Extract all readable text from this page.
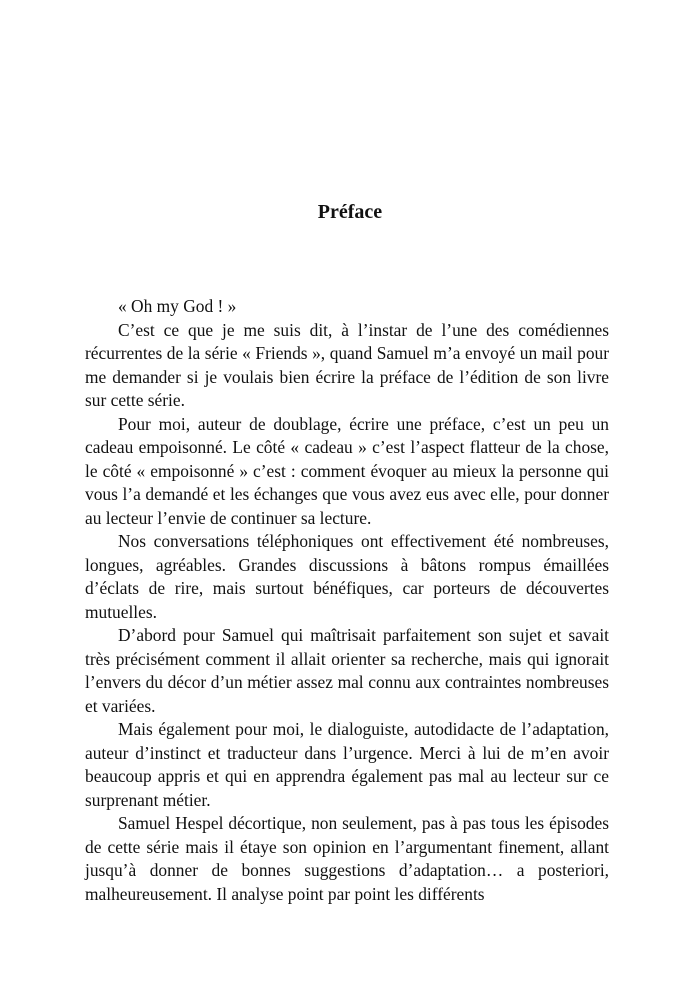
Préface

« Oh my God ! »

C’est ce que je me suis dit, à l’instar de l’une des comédiennes récurrentes de la série « Friends », quand Samuel m’a envoyé un mail pour me demander si je voulais bien écrire la préface de l’édition de son livre sur cette série.

Pour moi, auteur de doublage, écrire une préface, c’est un peu un cadeau empoisonné. Le côté « cadeau » c’est l’aspect flatteur de la chose, le côté « empoisonné » c’est : comment évoquer au mieux la personne qui vous l’a demandé et les échanges que vous avez eus avec elle, pour donner au lecteur l’envie de continuer sa lecture.

Nos conversations téléphoniques ont effectivement été nombreuses, longues, agréables. Grandes discussions à bâtons rompus émaillées d’éclats de rire, mais surtout bénéfiques, car porteurs de découvertes mutuelles.

D’abord pour Samuel qui maîtrisait parfaitement son sujet et savait très précisément comment il allait orienter sa recherche, mais qui ignorait l’envers du décor d’un métier assez mal connu aux contraintes nombreuses et variées.

Mais également pour moi, le dialoguiste, autodidacte de l’adaptation, auteur d’instinct et traducteur dans l’urgence. Merci à lui de m’en avoir beaucoup appris et qui en apprendra également pas mal au lecteur sur ce surprenant métier.

Samuel Hespel décortique, non seulement, pas à pas tous les épisodes de cette série mais il étaye son opinion en l’argumentant finement, allant jusqu’à donner de bonnes suggestions d’adaptation… a posteriori, malheureusement. Il analyse point par point les différents
